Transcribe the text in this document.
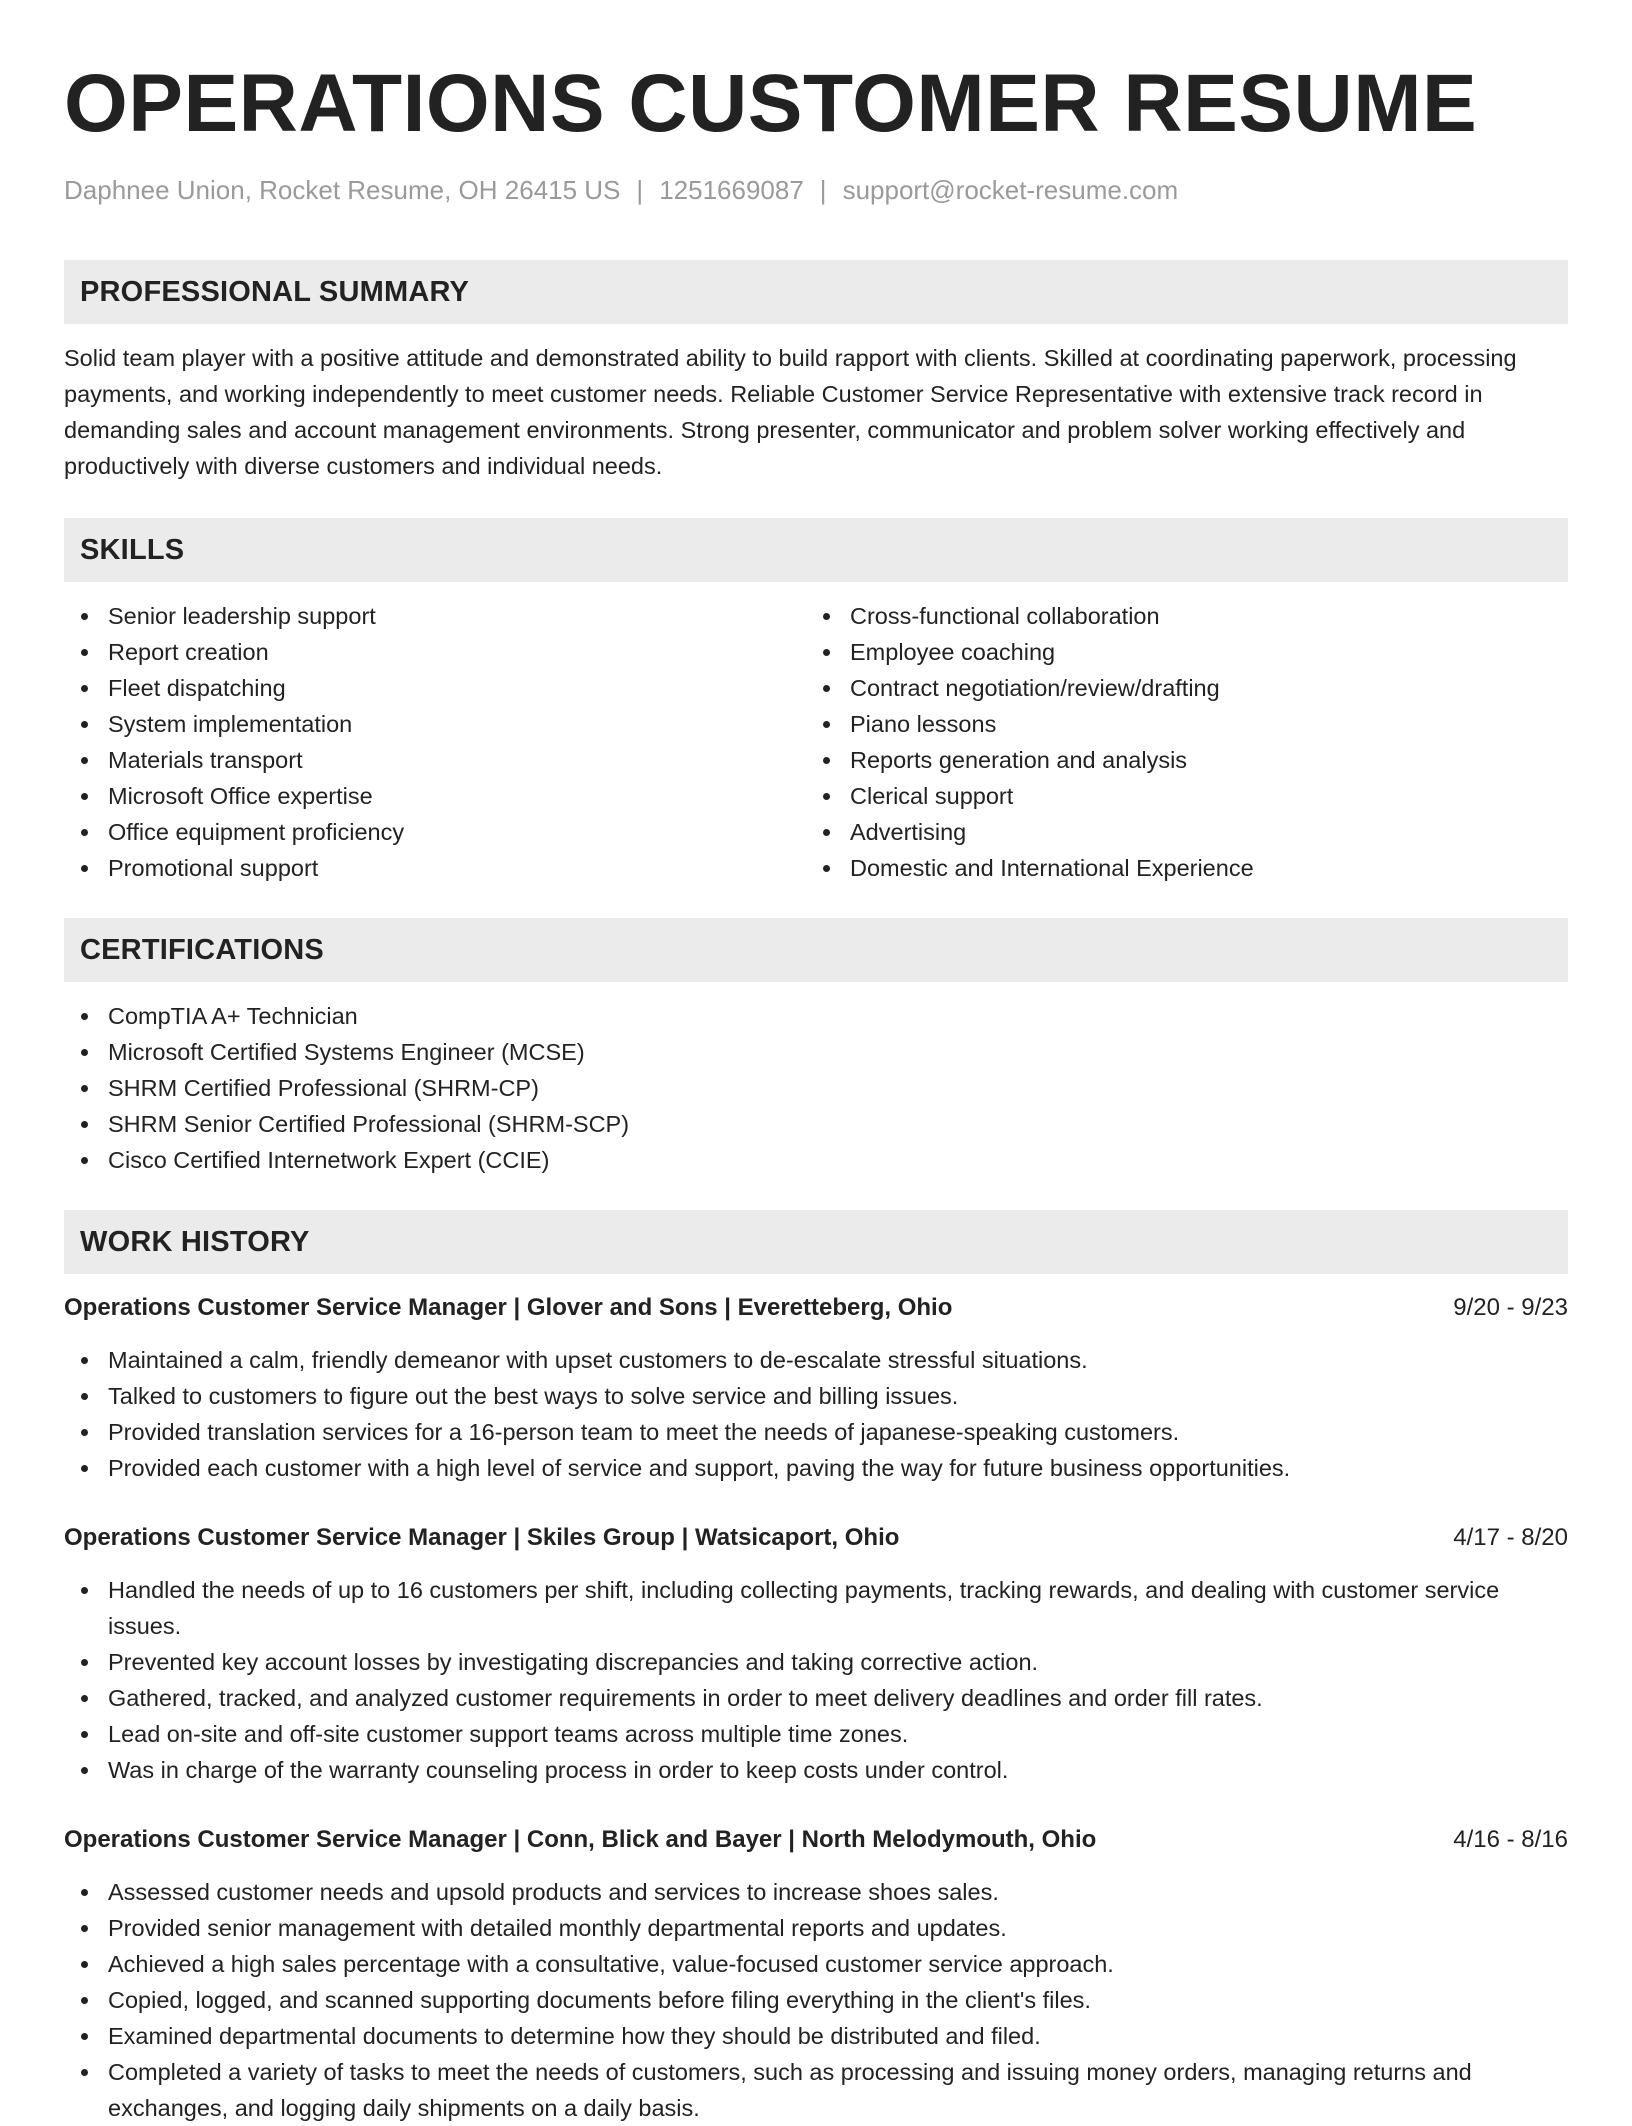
OPERATIONS CUSTOMER RESUME
Daphnee Union, Rocket Resume, OH 26415 US | 1251669087 | support@rocket-resume.com
PROFESSIONAL SUMMARY

Solid team player with a positive attitude and demonstrated ability to build rapport with clients. Skilled at coordinating paperwork, processing payments, and working independently to meet customer needs. Reliable Customer Service Representative with extensive track record in demanding sales and account management environments. Strong presenter, communicator and problem solver working effectively and productively with diverse customers and individual needs.

SKILLS
Senior leadership support
Report creation
Fleet dispatching
System implementation
Materials transport
Microsoft Office expertise
Office equipment proficiency
Promotional support
Cross-functional collaboration
Employee coaching
Contract negotiation/review/drafting
Piano lessons
Reports generation and analysis
Clerical support
Advertising
Domestic and International Experience
CERTIFICATIONS
CompTIA A+ Technician
Microsoft Certified Systems Engineer (MCSE)
SHRM Certified Professional (SHRM-CP)
SHRM Senior Certified Professional (SHRM-SCP)
Cisco Certified Internetwork Expert (CCIE)
WORK HISTORY
Operations Customer Service Manager | Glover and Sons | Everetteberg, Ohio	9/20 - 9/23
Maintained a calm, friendly demeanor with upset customers to de-escalate stressful situations.
Talked to customers to figure out the best ways to solve service and billing issues.
Provided translation services for a 16-person team to meet the needs of japanese-speaking customers.
Provided each customer with a high level of service and support, paving the way for future business opportunities.
Operations Customer Service Manager | Skiles Group | Watsicaport, Ohio	4/17 - 8/20
Handled the needs of up to 16 customers per shift, including collecting payments, tracking rewards, and dealing with customer service issues.
Prevented key account losses by investigating discrepancies and taking corrective action.
Gathered, tracked, and analyzed customer requirements in order to meet delivery deadlines and order fill rates.
Lead on-site and off-site customer support teams across multiple time zones.
Was in charge of the warranty counseling process in order to keep costs under control.
Operations Customer Service Manager | Conn, Blick and Bayer | North Melodymouth, Ohio	4/16 - 8/16
Assessed customer needs and upsold products and services to increase shoes sales.
Provided senior management with detailed monthly departmental reports and updates.
Achieved a high sales percentage with a consultative, value-focused customer service approach.
Copied, logged, and scanned supporting documents before filing everything in the client's files.
Examined departmental documents to determine how they should be distributed and filed.
Completed a variety of tasks to meet the needs of customers, such as processing and issuing money orders, managing returns and exchanges, and logging daily shipments on a daily basis.
